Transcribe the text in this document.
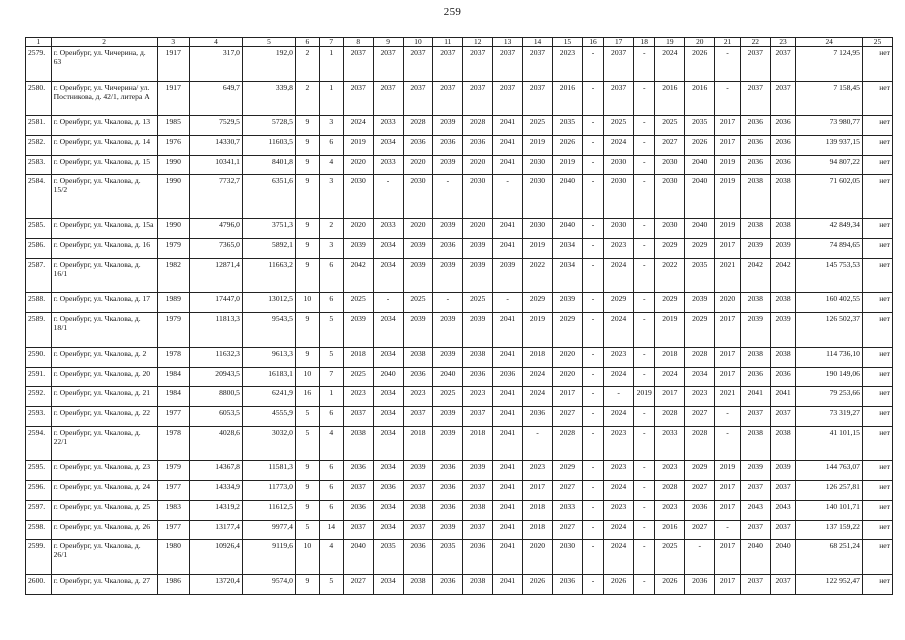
259
1	2	3	4	5	6	7	8	9	10	11	12	13	14	15	16	17	18	19	20	21	22	23	24	25
2579.	г. Оренбург, ул. Чичерина, д. 63	1917	317,0	192,0	2	1	2037	2037	2037	2037	2037	2037	2037	2023	-	2037	-	2024	2026	-	2037	2037	7 124,95	нет
2580.	г. Оренбург, ул. Чичерина/ ул. Постникова, д. 42/1, литера А	1917	649,7	339,8	2	1	2037	2037	2037	2037	2037	2037	2037	2016	-	2037	-	2016	2016	-	2037	2037	7 158,45	нет
2581.	г. Оренбург, ул. Чкалова, д. 13	1985	7529,5	5728,5	9	3	2024	2033	2028	2039	2028	2041	2025	2035	-	2025	-	2025	2035	2017	2036	2036	73 980,77	нет
2582.	г. Оренбург, ул. Чкалова, д. 14	1976	14330,7	11603,5	9	6	2019	2034	2036	2036	2036	2041	2019	2026	-	2024	-	2027	2026	2017	2036	2036	139 937,15	нет
2583.	г. Оренбург, ул. Чкалова, д. 15	1990	10341,1	8401,8	9	4	2020	2033	2020	2039	2020	2041	2030	2019	-	2030	-	2030	2040	2019	2036	2036	94 807,22	нет
2584.	г. Оренбург, ул. Чкалова, д. 15/2	1990	7732,7	6351,6	9	3	2030	-	2030	-	2030	-	2030	2040	-	2030	-	2030	2040	2019	2038	2038	71 602,05	нет
2585.	г. Оренбург, ул. Чкалова, д. 15а	1990	4796,0	3751,3	9	2	2020	2033	2020	2039	2020	2041	2030	2040	-	2030	-	2030	2040	2019	2038	2038	42 849,34	нет
2586.	г. Оренбург, ул. Чкалова, д. 16	1979	7365,0	5892,1	9	3	2039	2034	2039	2036	2039	2041	2019	2034	-	2023	-	2029	2029	2017	2039	2039	74 894,65	нет
2587.	г. Оренбург, ул. Чкалова, д. 16/1	1982	12871,4	11663,2	9	6	2042	2034	2039	2039	2039	2039	2022	2034	-	2024	-	2022	2035	2021	2042	2042	145 753,53	нет
2588.	г. Оренбург, ул. Чкалова, д. 17	1989	17447,0	13012,5	10	6	2025	-	2025	-	2025	-	2029	2039	-	2029	-	2029	2039	2020	2038	2038	160 402,55	нет
2589.	г. Оренбург, ул. Чкалова, д. 18/1	1979	11813,3	9543,5	9	5	2039	2034	2039	2039	2039	2041	2019	2029	-	2024	-	2019	2029	2017	2039	2039	126 502,37	нет
2590.	г. Оренбург, ул. Чкалова, д. 2	1978	11632,3	9613,3	9	5	2018	2034	2038	2039	2038	2041	2018	2020	-	2023	-	2018	2028	2017	2038	2038	114 736,10	нет
2591.	г. Оренбург, ул. Чкалова, д. 20	1984	20943,5	16183,1	10	7	2025	2040	2036	2040	2036	2036	2024	2020	-	2024	-	2024	2034	2017	2036	2036	190 149,06	нет
2592.	г. Оренбург, ул. Чкалова, д. 21	1984	8800,5	6241,9	16	1	2023	2034	2023	2025	2023	2041	2024	2017	-	-	2019	2017	2023	2021	2041	2041	79 253,66	нет
2593.	г. Оренбург, ул. Чкалова, д. 22	1977	6053,5	4555,9	5	6	2037	2034	2037	2039	2037	2041	2036	2027	-	2024	-	2028	2027	-	2037	2037	73 319,27	нет
2594.	г. Оренбург, ул. Чкалова, д. 22/1	1978	4028,6	3032,0	5	4	2038	2034	2018	2039	2018	2041	-	2028	-	2023	-	2033	2028	-	2038	2038	41 101,15	нет
2595.	г. Оренбург, ул. Чкалова, д. 23	1979	14367,8	11581,3	9	6	2036	2034	2039	2036	2039	2041	2023	2029	-	2023	-	2023	2029	2019	2039	2039	144 763,07	нет
2596.	г. Оренбург, ул. Чкалова, д. 24	1977	14334,9	11773,0	9	6	2037	2036	2037	2036	2037	2041	2017	2027	-	2024	-	2028	2027	2017	2037	2037	126 257,81	нет
2597.	г. Оренбург, ул. Чкалова, д. 25	1983	14319,2	11612,5	9	6	2036	2034	2038	2036	2038	2041	2018	2033	-	2023	-	2023	2036	2017	2043	2043	140 101,71	нет
2598.	г. Оренбург, ул. Чкалова, д. 26	1977	13177,4	9977,4	5	14	2037	2034	2037	2039	2037	2041	2018	2027	-	2024	-	2016	2027	-	2037	2037	137 159,22	нет
2599.	г. Оренбург, ул. Чкалова, д. 26/1	1980	10926,4	9119,6	10	4	2040	2035	2036	2035	2036	2041	2020	2030	-	2024	-	2025	-	2017	2040	2040	68 251,24	нет
2600.	г. Оренбург, ул. Чкалова, д. 27	1986	13720,4	9574,0	9	5	2027	2034	2038	2036	2038	2041	2026	2036	-	2026	-	2026	2036	2017	2037	2037	122 952,47	нет
